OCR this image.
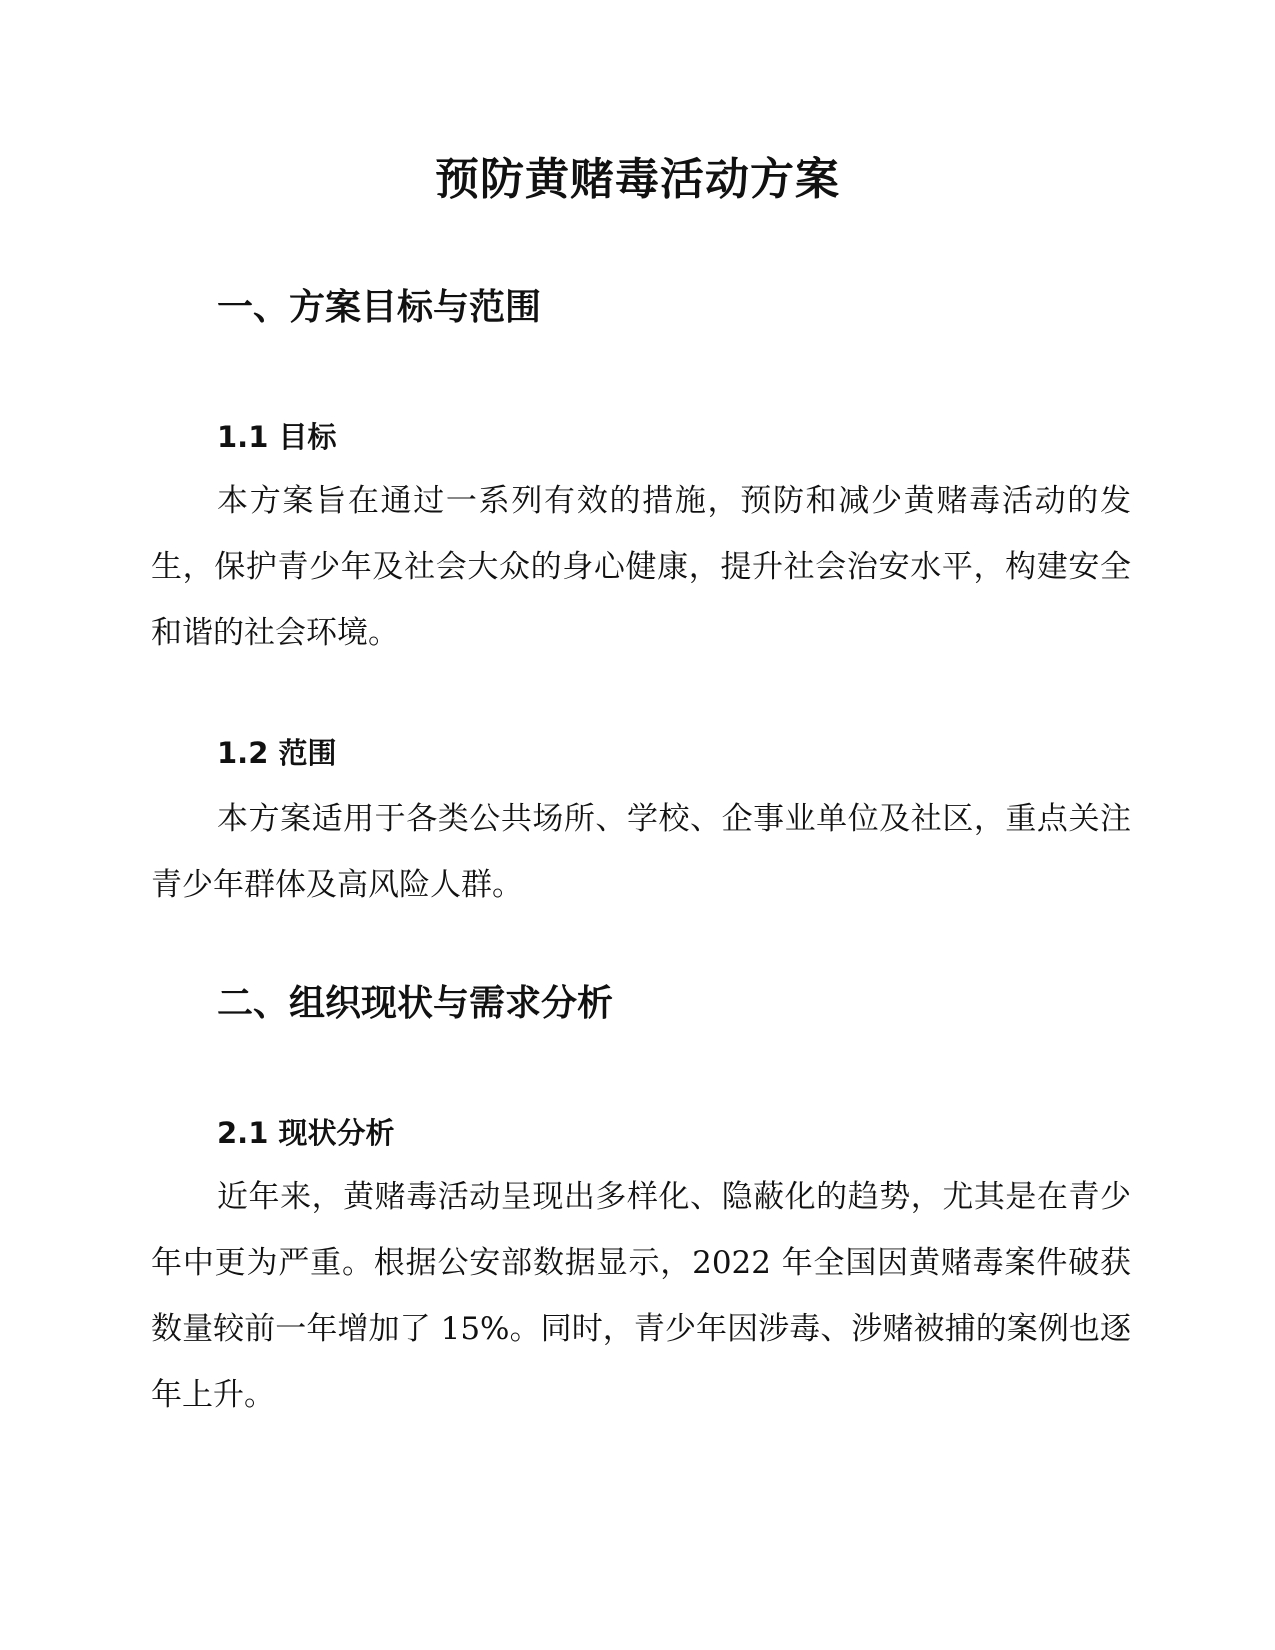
预防黄赌毒活动方案
一、方案目标与范围
1.1 目标

本方案旨在通过一系列有效的措施，预防和减少黄赌毒活动的发生，保护青少年及社会大众的身心健康，提升社会治安水平，构建安全和谐的社会环境。

1.2 范围

本方案适用于各类公共场所、学校、企事业单位及社区，重点关注青少年群体及高风险人群。

二、组织现状与需求分析
2.1 现状分析

近年来，黄赌毒活动呈现出多样化、隐蔽化的趋势，尤其是在青少年中更为严重。根据公安部数据显示，2022 年全国因黄赌毒案件破获数量较前一年增加了 15%。同时，青少年因涉毒、涉赌被捕的案例也逐年上升。
